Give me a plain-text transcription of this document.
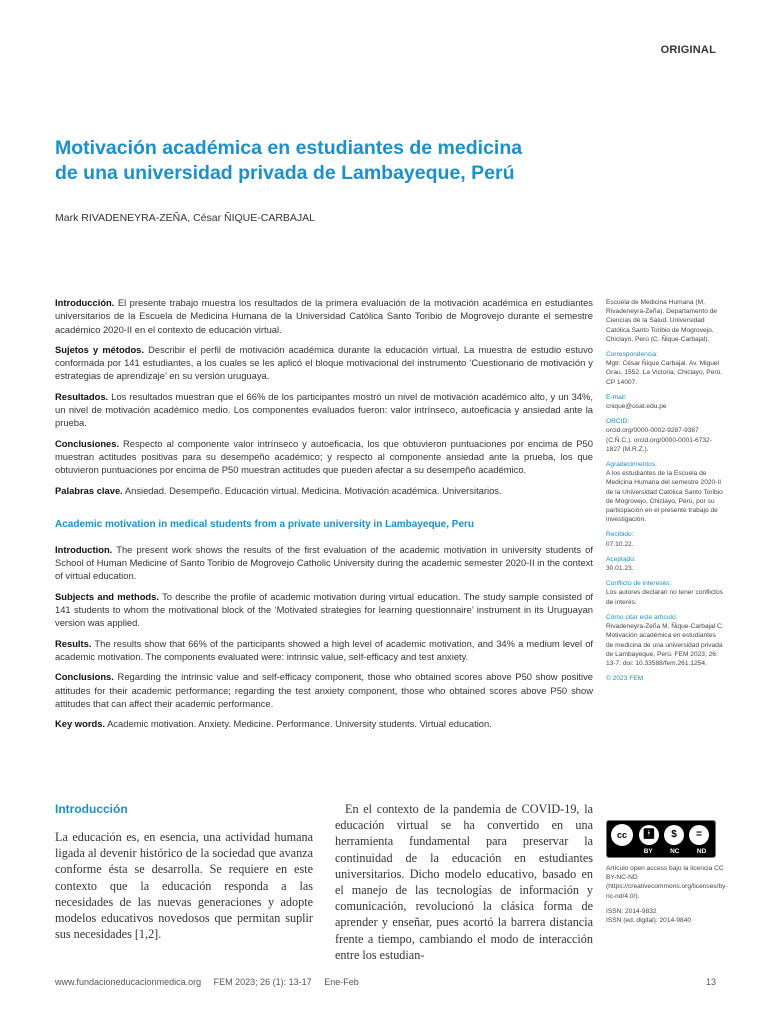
ORIGINAL
Motivación académica en estudiantes de medicina
de una universidad privada de Lambayeque, Perú
Mark RIVADENEYRA-ZEÑA, César ÑIQUE-CARBAJAL

Introducción. El presente trabajo muestra los resultados de la primera evaluación de la motivación académica en estudiantes universitarios de la Escuela de Medicina Humana de la Universidad Católica Santo Toribio de Mogrovejo durante el semestre académico 2020-II en el contexto de educación virtual.

Sujetos y métodos. Describir el perfil de motivación académica durante la educación virtual. La muestra de estudio estuvo conformada por 141 estudiantes, a los cuales se les aplicó el bloque motivacional del instrumento ‘Cuestionario de motivación y estrategias de aprendizaje’ en su versión uruguaya.

Resultados. Los resultados muestran que el 66% de los participantes mostró un nivel de motivación académico alto, y un 34%, un nivel de motivación académico medio. Los componentes evaluados fueron: valor intrínseco, autoeficacia y ansiedad ante la prueba.

Conclusiones. Respecto al componente valor intrínseco y autoeficacia, los que obtuvieron puntuaciones por encima de P50 muestran actitudes positivas para su desempeño académico; y respecto al componente ansiedad ante la prueba, los que obtuvieron puntuaciones por encima de P50 muestran actitudes que pueden afectar a su desempeño académico.

Palabras clave. Ansiedad. Desempeño. Educación virtual. Medicina. Motivación académica. Universitarios.

Academic motivation in medical students from a private university in Lambayeque, Peru

Introduction. The present work shows the results of the first evaluation of the academic motivation in university students of School of Human Medicine of Santo Toribio de Mogrovejo Catholic University during the academic semester 2020-II in the context of virtual education.

Subjects and methods. To describe the profile of academic motivation during virtual education. The study sample consisted of 141 students to whom the motivational block of the ‘Motivated strategies for learning questionnaire’ instrument in its Uruguayan version was applied.

Results. The results show that 66% of the participants showed a high level of academic motivation, and 34% a medium level of academic motivation. The components evaluated were: intrinsic value, self-efficacy and test anxiety.

Conclusions. Regarding the intrinsic value and self-efficacy component, those who obtained scores above P50 show positive attitudes for their academic performance; regarding the test anxiety component, those who obtained scores above P50 show attitudes that can affect their academic performance.

Key words. Academic motivation. Anxiety. Medicine. Performance. University students. Virtual education.

Escuela de Medicina Humana (M. Rivadeneyra-Zeña). Departamento de Ciencias de la Salud. Universidad Católica Santo Toribio de Mogrovejo. Chiclayo, Perú (C. Ñique-Carbajal).
Correspondencia:
Mgtr. César Ñique Carbajal. Av. Miguel Grau, 1552. La Victoria, Chiclayo, Perú. CP 14007.
E-mail:
cnique@usat.edu.pe
ORCID:
orcid.org/0000-0002-9287-9387 (C.Ñ.C.). orcid.org/0000-0001-6732-1827 (M.R.Z.).
Agradecimientos:
A los estudiantes de la Escuela de Medicina Humana del semestre 2020-II de la Universidad Católica Santo Toribio de Mogrovejo, Chiclayo, Perú, por su participación en el presente trabajo de investigación.
Recibido:
07.10.22.
Aceptado:
30.01.23.
Conflicto de intereses:
Los autores declaran no tener conflictos de interés.
Cómo citar este artículo:
Rivadeneyra-Zeña M, Ñique-Carbajal C. Motivación académica en estudiantes de medicina de una universidad privada de Lambayeque, Perú. FEM 2023; 26: 13-7. doi: 10.33588/fem.261.1254.
© 2023 FEM
cc	🚹︎	$	=
BY	NC	ND
Artículo open access bajo la licencia CC BY-NC-ND (https://creativecommons.org/licenses/by-nc-nd/4.0/).
ISSN: 2014-9832
ISSN (ed. digital): 2014-9840
Introducción

La educación es, en esencia, una actividad humana ligada al devenir histórico de la sociedad que avanza conforme ésta se desarrolla. Se requiere en este contexto que la educación responda a las necesidades de las nuevas generaciones y adopte modelos educativos novedosos que permitan suplir sus necesidades [1,2].

En el contexto de la pandemia de COVID-19, la educación virtual se ha convertido en una herramienta fundamental para preservar la continuidad de la educación en estudiantes universitarios. Dicho modelo educativo, basado en el manejo de las tecnologías de información y comunicación, revolucionó la clásica forma de aprender y enseñar, pues acortó la barrera distancia frente a tiempo, cambiando el modo de interacción entre los estudian-

www.fundacioneducacionmedica.org FEM 2023; 26 (1): 13-17 Ene-Feb	13
